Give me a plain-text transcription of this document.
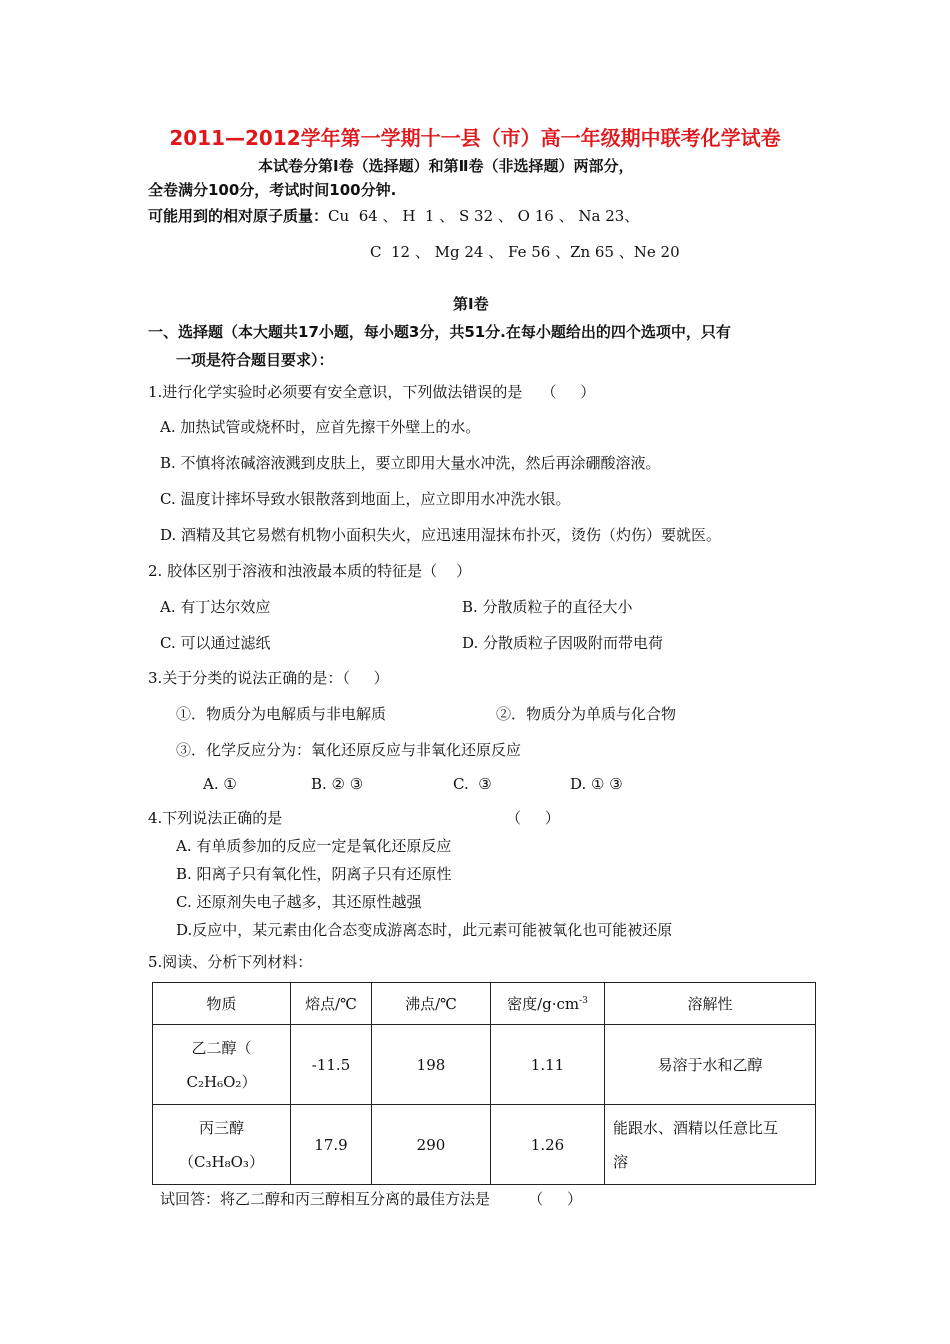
2011—2012学年第一学期十一县（市）高一年级期中联考化学试卷
本试卷分第Ⅰ卷（选择题）和第Ⅱ卷（非选择题）两部分，
全卷满分100分，考试时间100分钟.
可能用到的相对原子质量：Cu  64 、 H  1 、 S 32 、 O 16 、 Na 23、
C  12 、 Mg 24 、 Fe 56 、Zn 65 、Ne 20
第Ⅰ卷
一、选择题（本大题共17小题，每小题3分，共51分.在每小题给出的四个选项中，只有
一项是符合题目要求）：
1.进行化学实验时必须要有安全意识，下列做法错误的是    （     ）
A. 加热试管或烧杯时，应首先擦干外壁上的水。
B. 不慎将浓碱溶液溅到皮肤上，要立即用大量水冲洗，然后再涂硼酸溶液。
C. 温度计摔坏导致水银散落到地面上，应立即用水冲洗水银。
D. 酒精及其它易燃有机物小面积失火，应迅速用湿抹布扑灭，烫伤（灼伤）要就医。
2. 胶体区别于溶液和浊液最本质的特征是（    ）
A. 有丁达尔效应	B. 分散质粒子的直径大小
C. 可以通过滤纸	D. 分散质粒子因吸附而带电荷
3.关于分类的说法正确的是：（     ）
①．物质分为电解质与非电解质	②．物质分为单质与化合物
③．化学反应分为：氧化还原反应与非氧化还原反应
A. ①	B. ② ③	C.  ③	D. ① ③
4.下列说法正确的是	（     ）
A. 有单质参加的反应一定是氧化还原反应
B. 阳离子只有氧化性，阴离子只有还原性
C. 还原剂失电子越多，其还原性越强
D.反应中，某元素由化合态变成游离态时，此元素可能被氧化也可能被还原
5.阅读、分析下列材料：
物质	熔点/℃	沸点/℃	密度$/g\cdot cm^{-3}$	溶解性

乙二醇（
C₂H₆O₂）	-11.5	198	1.11	易溶于水和乙醇

丙三醇
（C₃H₈O₃）	17.9	290	1.26	能跟水、酒精以任意比互
溶
试回答：将乙二醇和丙三醇相互分离的最佳方法是        （     ）
